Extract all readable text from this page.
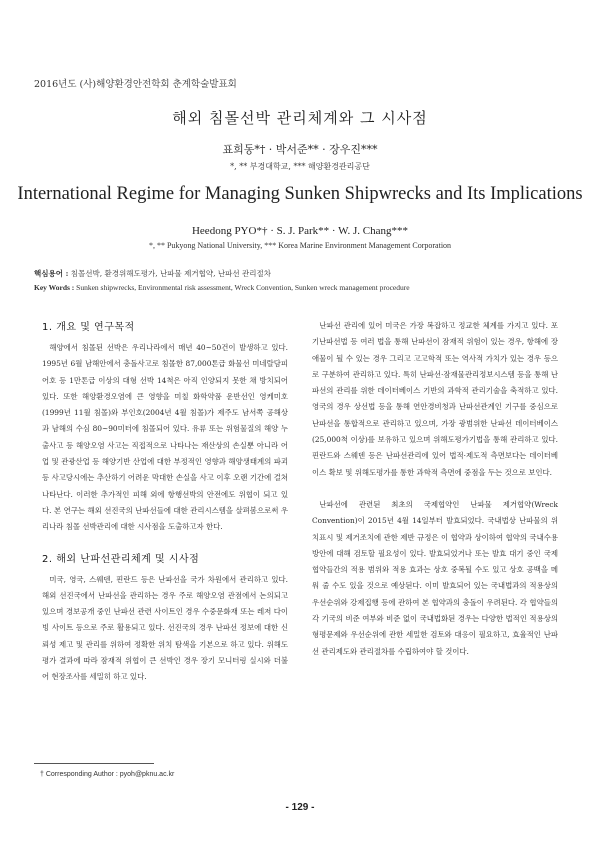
2016년도 (사)해양환경안전학회 춘계학술발표회
해외 침몰선박 관리체계와 그 시사점
표희동*† · 박서준** · 장우진***
*, ** 부경대학교, *** 해양환경관리공단
International Regime for Managing Sunken Shipwrecks and Its Implications
Heedong PYO*† · S. J. Park** · W. J. Chang***
*, ** Pukyong National University, *** Korea Marine Environment Management Corporation
핵심용어 : 침몰선박, 환경위해도평가, 난파물 제거협약, 난파선 관리절차
Key Words : Sunken shipwrecks, Environmental risk assessment, Wreck Convention, Sunken wreck management procedure
1. 개요 및 연구목적

해양에서 침몰된 선박은 우리나라에서 매년 40~50건이 발생하고 있다. 1995년 6월 남해안에서 충돌사고로 침몰한 87,000톤급 화물선 미네랄담피어호 등 1만톤급 이상의 대형 선박 14척은 아직 인양되지 못한 채 방치되어 있다. 또한 해양환경오염에 큰 영향을 미칠 화학약품 운반선인 영케미호(1999년 11월 침몰)와 부인호(2004년 4월 침몰)가 제주도 남서쪽 공해상과 남해의 수심 80~90미터에 침몰되어 있다. 유류 또는 위험물질의 해양 누출사고 등 해양오염 사고는 직접적으로 나타나는 재산상의 손실뿐 아니라 어업 및 관광산업 등 해양기반 산업에 대한 부정적인 영향과 해양생태계의 파괴 등 사고당시에는 추산하기 어려운 막대한 손실을 사고 이후 오랜 기간에 걸쳐 나타난다. 이러한 추가적인 피해 외에 항행선박의 안전에도 위협이 되고 있다. 본 연구는 해외 선진국의 난파선들에 대한 관리시스템을 살펴봄으로써 우리나라 침몰 선박관리에 대한 시사점을 도출하고자 한다.

2. 해외 난파선관리체계 및 시사점

미국, 영국, 스웨덴, 핀란드 등은 난파선을 국가 차원에서 관리하고 있다. 해외 선진국에서 난파선을 관리하는 경우 주로 해양오염 관점에서 논의되고 있으며 경보공개 중인 난파선 관련 사이트인 경우 수중문화재 또는 레저 다이빙 사이트 등으로 주로 활용되고 있다. 선진국의 경우 난파선 정보에 대한 신뢰성 제고 및 관리를 위하여 정확한 위치 탐색을 기본으로 하고 있다. 위해도평가 결과에 따라 잠재적 위협이 큰 선박인 경우 장기 모니터링 실시와 더불어 현장조사를 세밀히 하고 있다.

난파선 관리에 있어 미국은 가장 복잡하고 정교한 체계를 가지고 있다. 포기난파선법 등 여러 법을 통해 난파선이 잠재적 위험이 있는 경우, 항해에 장애물이 될 수 있는 경우 그리고 고고학적 또는 역사적 가치가 있는 경우 등으로 구분하여 관리하고 있다. 특히 난파선·잠재물관리정보시스템 등을 통해 난파선의 관리를 위한 데이터베이스 기반의 과학적 관리기술을 축적하고 있다. 영국의 경우 상선법 등을 통해 연안경비청과 난파선관계인 기구를 중심으로 난파선을 통합적으로 관리하고 있으며, 가장 광범위한 난파선 데이터베이스(25,000척 이상)를 보유하고 있으며 위해도평가기법을 통해 관리하고 있다. 핀란드와 스웨덴 등은 난파선관리에 있어 법적·제도적 측면보다는 데이터베이스 확보 및 위해도평가를 통한 과학적 측면에 중점을 두는 것으로 보인다.

난파선에 관련된 최초의 국제협약인 난파물 제거협약(Wreck Convention)이 2015년 4월 14일부터 발효되었다. 국내법상 난파물의 위치표시 및 제거조치에 관한 제반 규정은 이 협약과 상이하여 협약의 국내수용방안에 대해 검토할 필요성이 있다. 발효되었거나 또는 발효 대기 중인 국제 협약들간의 적용 범위와 적용 효과는 상호 중복될 수도 있고 상호 공백을 메워 줄 수도 있을 것으로 예상된다. 이미 발효되어 있는 국내법과의 적용상의 우선순위와 강제집행 등에 관하여 본 협약과의 충돌이 우려된다. 각 협약들의 각 기국의 비준 여부와 비준 없이 국내법화된 경우는 다양한 법적인 적용상의 형평문제와 우선순위에 관한 세밀한 검토와 대응이 필요하고, 효율적인 난파선 관리제도와 관리절차를 수립하여야 할 것이다.

† Corresponding Author : pyoh@pknu.ac.kr
- 129 -
